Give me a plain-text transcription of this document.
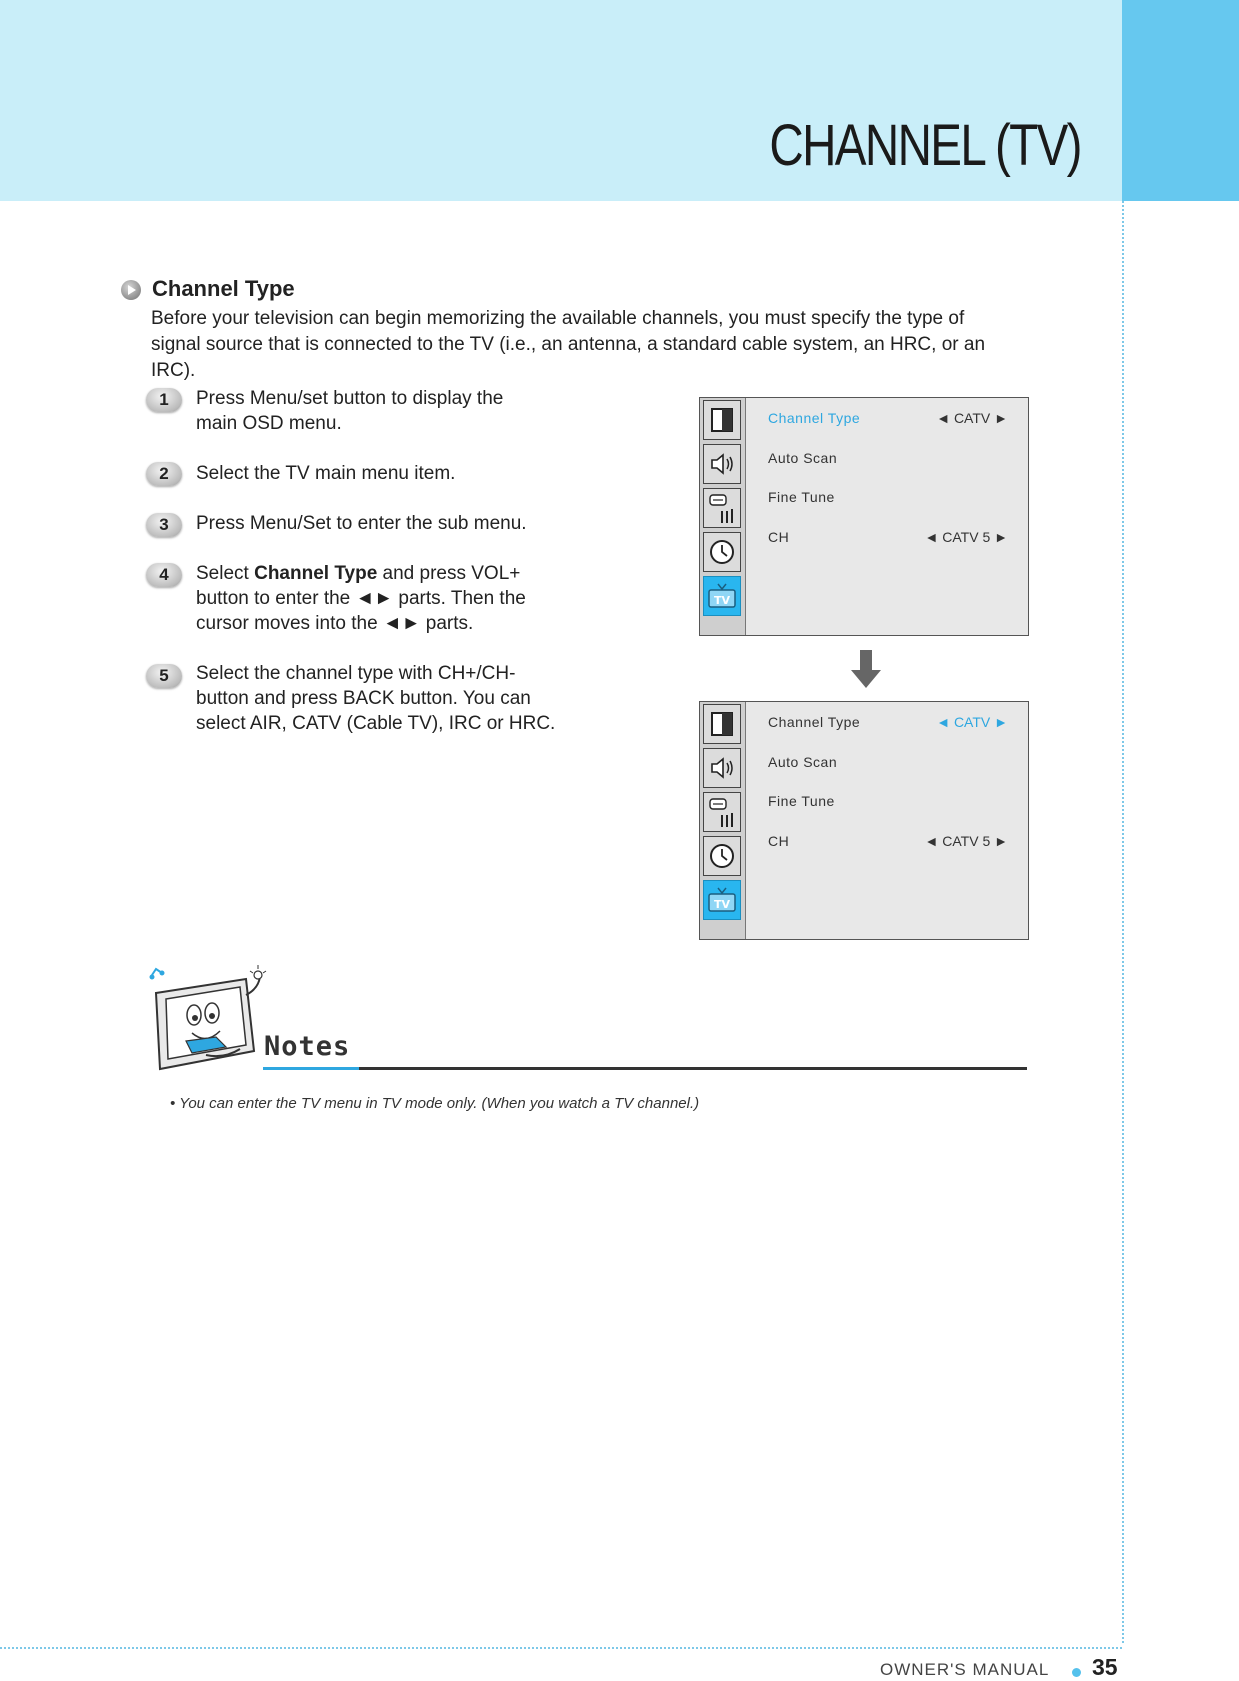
CHANNEL (TV)
Channel Type
Before your television can begin memorizing the available channels, you must specify the type of signal source that is connected to the TV (i.e., an antenna, a standard cable system, an HRC, or an IRC).
1	Press Menu/set button to display the main OSD menu.
2	Select the TV main menu item.
3	Press Menu/Set to enter the sub menu.
4	Select Channel Type and press VOL+ button to enter the ◄► parts. Then the cursor moves into the ◄► parts.
5	Select the channel type with CH+/CH- button and press BACK button. You can select AIR, CATV (Cable TV), IRC or HRC.
TV
Channel Type	◄ CATV ►
Auto Scan
Fine Tune
CH	◄ CATV 5 ►
TV
Channel Type	◄ CATV ►
Auto Scan
Fine Tune
CH	◄ CATV 5 ►
Notes
• You can enter the TV menu in TV mode only. (When you watch a TV channel.)
OWNER'S MANUAL 35
